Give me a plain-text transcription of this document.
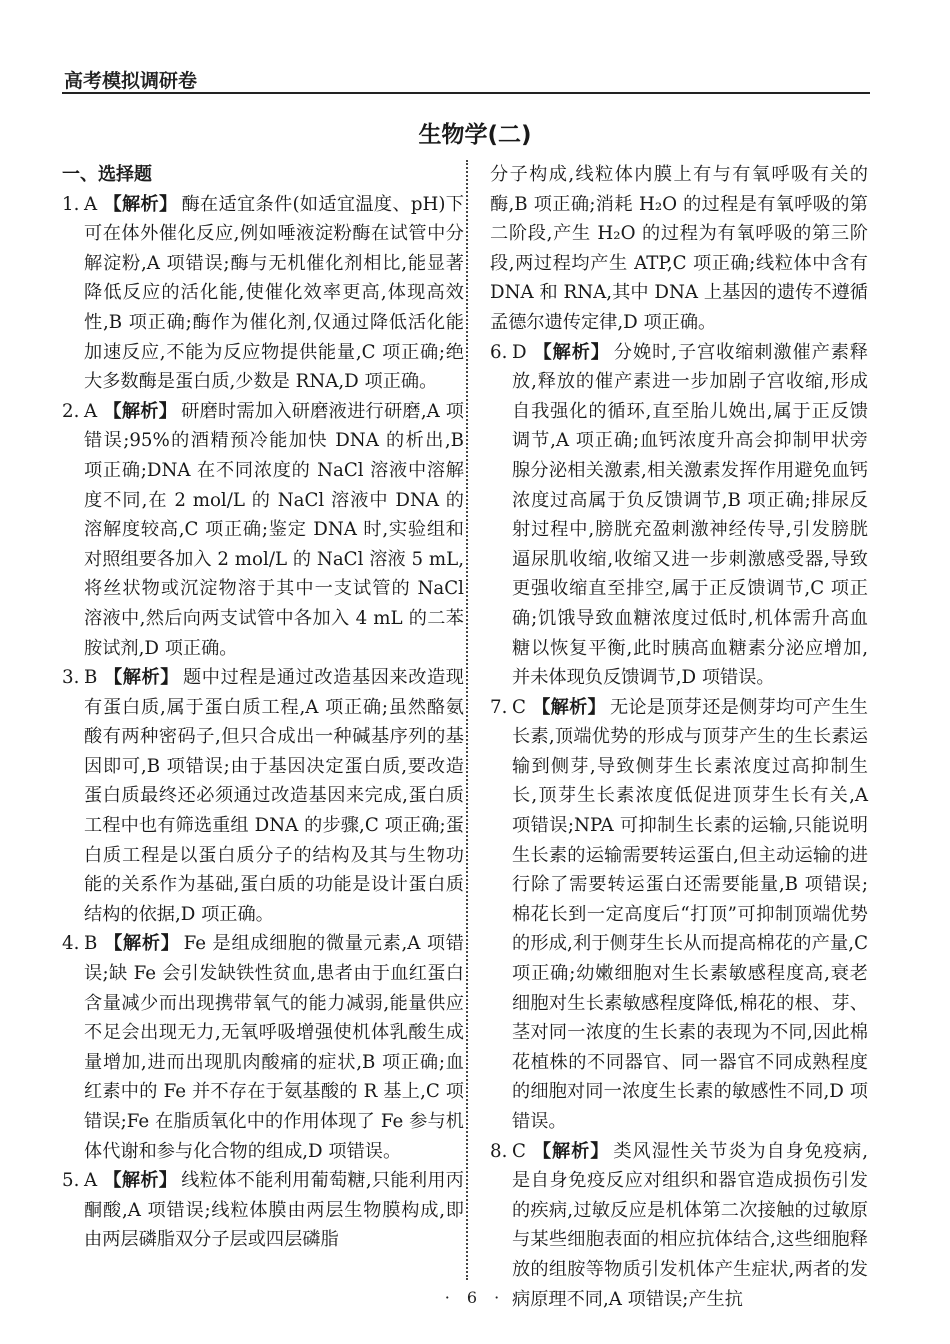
高考模拟调研卷
生物学(二)

一、选择题

1. A 【解析】 酶在适宜条件(如适宜温度、pH)下可在体外催化反应,例如唾液淀粉酶在试管中分解淀粉,A 项错误;酶与无机催化剂相比,能显著降低反应的活化能,使催化效率更高,体现高效性,B 项正确;酶作为催化剂,仅通过降低活化能加速反应,不能为反应物提供能量,C 项正确;绝大多数酶是蛋白质,少数是 RNA,D 项正确。

2. A 【解析】 研磨时需加入研磨液进行研磨,A 项错误;95%的酒精预冷能加快 DNA 的析出,B 项正确;DNA 在不同浓度的 NaCl 溶液中溶解度不同,在 2 mol/L 的 NaCl 溶液中 DNA 的溶解度较高,C 项正确;鉴定 DNA 时,实验组和对照组要各加入 2 mol/L 的 NaCl 溶液 5 mL,将丝状物或沉淀物溶于其中一支试管的 NaCl 溶液中,然后向两支试管中各加入 4 mL 的二苯胺试剂,D 项正确。

3. B 【解析】 题中过程是通过改造基因来改造现有蛋白质,属于蛋白质工程,A 项正确;虽然酪氨酸有两种密码子,但只合成出一种碱基序列的基因即可,B 项错误;由于基因决定蛋白质,要改造蛋白质最终还必须通过改造基因来完成,蛋白质工程中也有筛选重组 DNA 的步骤,C 项正确;蛋白质工程是以蛋白质分子的结构及其与生物功能的关系作为基础,蛋白质的功能是设计蛋白质结构的依据,D 项正确。

4. B 【解析】 Fe 是组成细胞的微量元素,A 项错误;缺 Fe 会引发缺铁性贫血,患者由于血红蛋白含量减少而出现携带氧气的能力减弱,能量供应不足会出现无力,无氧呼吸增强使机体乳酸生成量增加,进而出现肌肉酸痛的症状,B 项正确;血红素中的 Fe 并不存在于氨基酸的 R 基上,C 项错误;Fe 在脂质氧化中的作用体现了 Fe 参与机体代谢和参与化合物的组成,D 项错误。

5. A 【解析】 线粒体不能利用葡萄糖,只能利用丙酮酸,A 项错误;线粒体膜由两层生物膜构成,即由两层磷脂双分子层或四层磷脂

分子构成,线粒体内膜上有与有氧呼吸有关的酶,B 项正确;消耗 H₂O 的过程是有氧呼吸的第二阶段,产生 H₂O 的过程为有氧呼吸的第三阶段,两过程均产生 ATP,C 项正确;线粒体中含有 DNA 和 RNA,其中 DNA 上基因的遗传不遵循孟德尔遗传定律,D 项正确。

6. D 【解析】 分娩时,子宫收缩刺激催产素释放,释放的催产素进一步加剧子宫收缩,形成自我强化的循环,直至胎儿娩出,属于正反馈调节,A 项正确;血钙浓度升高会抑制甲状旁腺分泌相关激素,相关激素发挥作用避免血钙浓度过高属于负反馈调节,B 项正确;排尿反射过程中,膀胱充盈刺激神经传导,引发膀胱逼尿肌收缩,收缩又进一步刺激感受器,导致更强收缩直至排空,属于正反馈调节,C 项正确;饥饿导致血糖浓度过低时,机体需升高血糖以恢复平衡,此时胰高血糖素分泌应增加,并未体现负反馈调节,D 项错误。

7. C 【解析】 无论是顶芽还是侧芽均可产生生长素,顶端优势的形成与顶芽产生的生长素运输到侧芽,导致侧芽生长素浓度过高抑制生长,顶芽生长素浓度低促进顶芽生长有关,A 项错误;NPA 可抑制生长素的运输,只能说明生长素的运输需要转运蛋白,但主动运输的进行除了需要转运蛋白还需要能量,B 项错误;棉花长到一定高度后“打顶”可抑制顶端优势的形成,利于侧芽生长从而提高棉花的产量,C 项正确;幼嫩细胞对生长素敏感程度高,衰老细胞对生长素敏感程度降低,棉花的根、芽、茎对同一浓度的生长素的表现为不同,因此棉花植株的不同器官、同一器官不同成熟程度的细胞对同一浓度生长素的敏感性不同,D 项错误。

8. C 【解析】 类风湿性关节炎为自身免疫病,是自身免疫反应对组织和器官造成损伤引发的疾病,过敏反应是机体第二次接触的过敏原与某些细胞表面的相应抗体结合,这些细胞释放的组胺等物质引发机体产生症状,两者的发病原理不同,A 项错误;产生抗

· 6 ·
